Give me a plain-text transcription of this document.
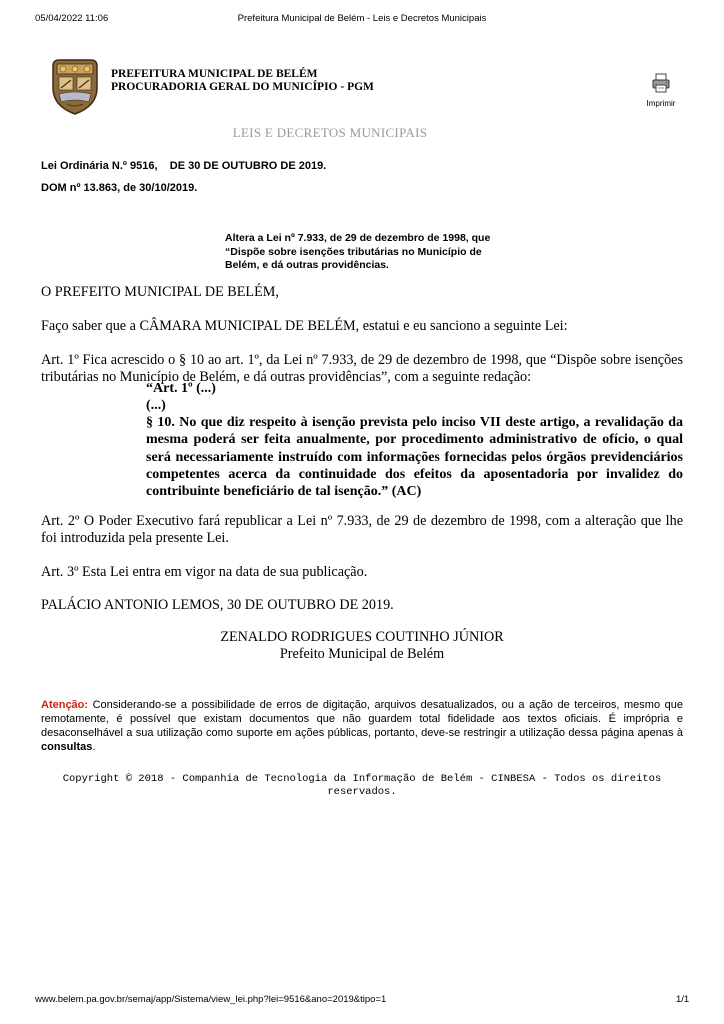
05/04/2022 11:06	Prefeitura Municipal de Belém - Leis e Decretos Municipais
PREFEITURA MUNICIPAL DE BELÉM
PROCURADORIA GERAL DO MUNICÍPIO - PGM
Imprimir
LEIS E DECRETOS MUNICIPAIS
Lei Ordinária N.º 9516, DE 30 DE OUTUBRO DE 2019.
DOM nº 13.863, de 30/10/2019.
Altera a Lei nº 7.933, de 29 de dezembro de 1998, que “Dispõe sobre isenções tributárias no Município de Belém, e dá outras providências.
O PREFEITO MUNICIPAL DE BELÉM,
Faço saber que a CÂMARA MUNICIPAL DE BELÉM, estatui e eu sanciono a seguinte Lei:
Art. 1º Fica acrescido o § 10 ao art. 1º, da Lei nº 7.933, de 29 de dezembro de 1998, que “Dispõe sobre isenções tributárias no Município de Belém, e dá outras providências”, com a seguinte redação:
“Art. 1º (...)
(...)
§ 10. No que diz respeito à isenção prevista pelo inciso VII deste artigo, a revalidação da mesma poderá ser feita anualmente, por procedimento administrativo de ofício, o qual será necessariamente instruído com informações fornecidas pelos órgãos previdenciários competentes acerca da continuidade dos efeitos da aposentadoria por invalidez do contribuinte beneficiário de tal isenção.” (AC)
Art. 2º O Poder Executivo fará republicar a Lei nº 7.933, de 29 de dezembro de 1998, com a alteração que lhe foi introduzida pela presente Lei.
Art. 3º Esta Lei entra em vigor na data de sua publicação.
PALÁCIO ANTONIO LEMOS, 30 DE OUTUBRO DE 2019.
ZENALDO RODRIGUES COUTINHO JÚNIOR
Prefeito Municipal de Belém
Atenção: Considerando-se a possibilidade de erros de digitação, arquivos desatualizados, ou a ação de terceiros, mesmo que remotamente, é possível que existam documentos que não guardem total fidelidade aos textos oficiais. É imprópria e desaconselhável a sua utilização como suporte em ações públicas, portanto, deve-se restringir a utilização dessa página apenas à consultas.
Copyright © 2018 - Companhia de Tecnologia da Informação de Belém - CINBESA - Todos os direitos reservados.
www.belem.pa.gov.br/semaj/app/Sistema/view_lei.php?lei=9516&ano=2019&tipo=1	1/1
